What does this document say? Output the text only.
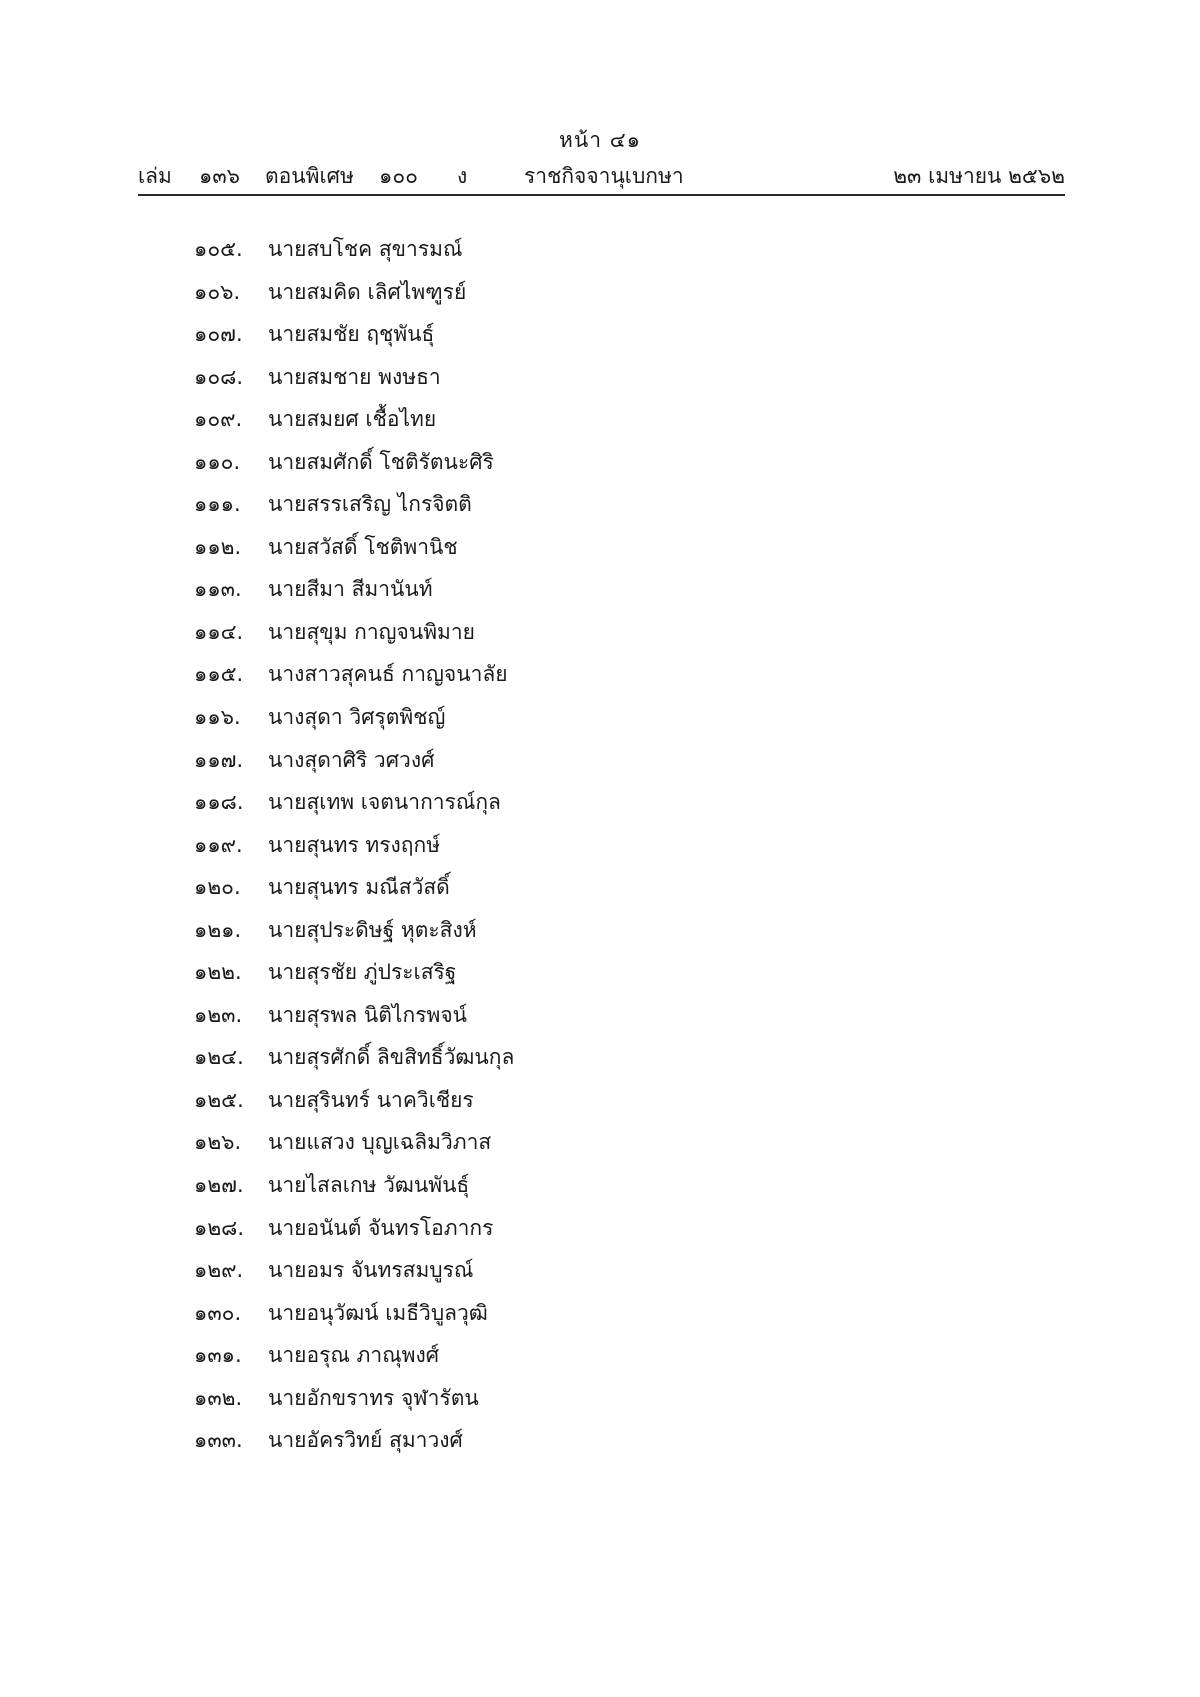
หน้า ๔๑
เล่ม ๑๓๖ ตอนพิเศษ ๑๐๐ ง	ราชกิจจานุเบกษา	๒๓ เมษายน ๒๕๖๒
๑๐๕. นายสบโชค สุขารมณ์
๑๐๖. นายสมคิด เลิศไพฑูรย์
๑๐๗. นายสมชัย ฤชุพันธุ์
๑๐๘. นายสมชาย พงษธา
๑๐๙. นายสมยศ เชื้อไทย
๑๑๐. นายสมศักดิ์ โชติรัตนะศิริ
๑๑๑. นายสรรเสริญ ไกรจิตติ
๑๑๒. นายสวัสดิ์ โชติพานิช
๑๑๓. นายสีมา สีมานันท์
๑๑๔. นายสุขุม กาญจนพิมาย
๑๑๕. นางสาวสุคนธ์ กาญจนาลัย
๑๑๖. นางสุดา วิศรุตพิชญ์
๑๑๗. นางสุดาศิริ วศวงศ์
๑๑๘. นายสุเทพ เจตนาการณ์กุล
๑๑๙. นายสุนทร ทรงฤกษ์
๑๒๐. นายสุนทร มณีสวัสดิ์
๑๒๑. นายสุประดิษฐ์ หุตะสิงห์
๑๒๒. นายสุรชัย ภู่ประเสริฐ
๑๒๓. นายสุรพล นิติไกรพจน์
๑๒๔. นายสุรศักดิ์ ลิขสิทธิ์วัฒนกุล
๑๒๕. นายสุรินทร์ นาควิเชียร
๑๒๖. นายแสวง บุญเฉลิมวิภาส
๑๒๗. นายไสลเกษ วัฒนพันธุ์
๑๒๘. นายอนันต์ จันทรโอภากร
๑๒๙. นายอมร จันทรสมบูรณ์
๑๓๐. นายอนุวัฒน์ เมธีวิบูลวุฒิ
๑๓๑. นายอรุณ ภาณุพงศ์
๑๓๒. นายอักขราทร จุฬารัตน
๑๓๓. นายอัครวิทย์ สุมาวงศ์
